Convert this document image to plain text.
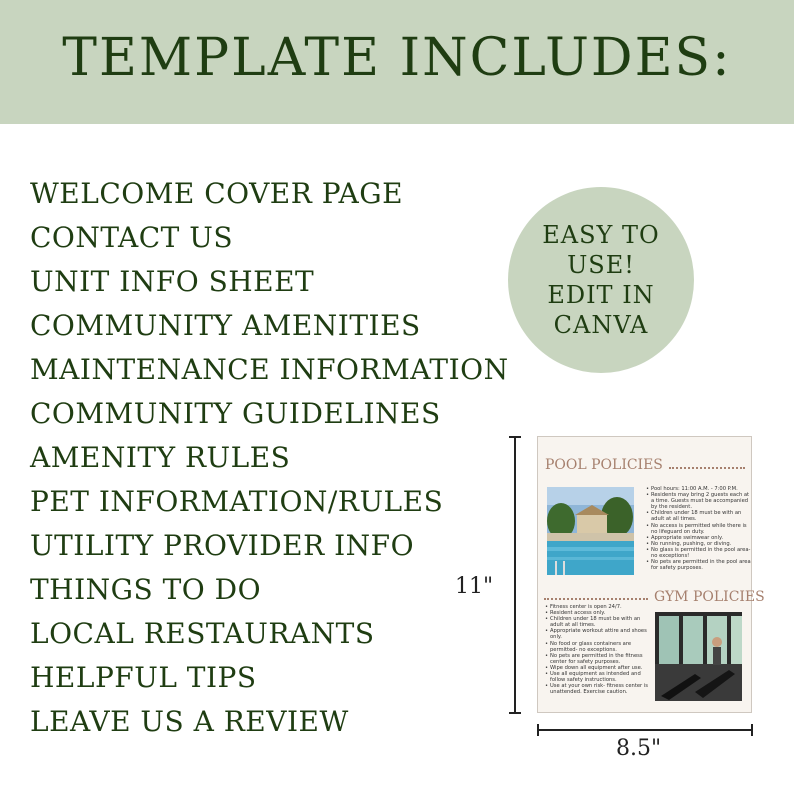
TEMPLATE INCLUDES:
WELCOME COVER PAGE
CONTACT US
UNIT INFO SHEET
COMMUNITY AMENITIES
MAINTENANCE INFORMATION
COMMUNITY GUIDELINES
AMENITY RULES
PET INFORMATION/RULES
UTILITY PROVIDER INFO
THINGS TO DO
LOCAL RESTAURANTS
HELPFUL TIPS
LEAVE US A REVIEW
EASY TO
USE!
EDIT IN
CANVA
11"
8.5"
POOL POLICIES
• Pool hours: 11:00 A.M. - 7:00 P.M.
• Residents may bring 2 guests each at a time. Guests must be accompanied by the resident.
• Children under 18 must be with an adult at all times.
• No access is permitted while there is no lifeguard on duty.
• Appropriate swimwear only.
• No running, pushing, or diving.
• No glass is permitted in the pool area- no exceptions!
• No pets are permitted in the pool area for safety purposes.
GYM POLICIES
• Fitness center is open 24/7.
• Resident access only.
• Children under 18 must be with an adult at all times.
• Appropriate workout attire and shoes only.
• No food or glass containers are permitted- no exceptions.
• No pets are permitted in the fitness center for safety purposes.
• Wipe down all equipment after use.
• Use all equipment as intended and follow safety instructions.
• Use at your own risk- fitness center is unattended. Exercise caution.
